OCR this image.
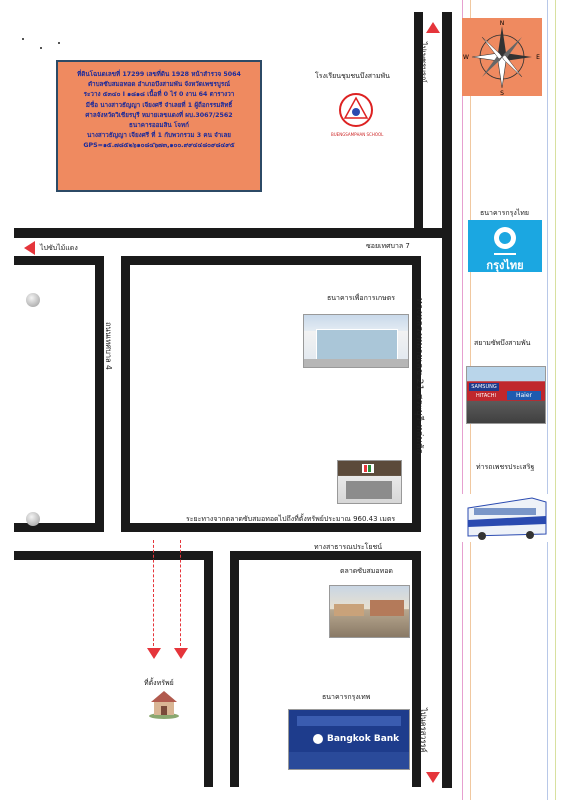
ไปซับไม้แดง	ซอยเทศบาล 7
ไปเพชรบูรณ์
ไปนครสวรรค์
ทางหลวงหมายเลข 21 สระบุรี-หล่มสัก
ถนนเทศบาล 4
ระยะทางจากตลาดซับสมอทอดไปถึงที่ตั้งทรัพย์ประมาณ 960.43 เมตร
ทางสาธารณประโยชน์
ที่ดินโฉนดเลขที่ 17299 เลขที่ดิน 1928 หน้าสำรวจ 5064
ตำบลซับสมอทอด อำเภอบึงสามพัน จังหวัดเพชรบูรณ์
ระวาง ๕๓๔๐ I ๑๘๑๘ เนื้อที่ 0 ไร่ 0 งาน 64 ตารางวา
มีชื่อ นางสาวธัญญา เจียงศรี จำเลยที่ 1 ผู้ถือกรรมสิทธิ์
ศาลจังหวัดวิเชียรบุรี หมายเลขแดงที่ ผบ.3067/2562
ธนาคารออมสิน โจทก์
นางสาวธัญญา เจียงศรี ที่ 1 กับพวกรวม 3 คน จำเลย
GPS=๑๕.๗๘๕๒๖๑๐๘๔๖๗๓,๑๐๐.๙๙๔๔๘๐๙๘๔๙๕
N
S
E
W
โรงเรียนชุมชนบึงสามพัน
BUENGSAMPHAN SCHOOL
ธนาคารกรุงไทย
กรุงไทย
ธนาคารเพื่อการเกษตร
สยามซัพบึงสามพัน
SAMSUNG
HITACHI	Haier
ท่ารถเพชรประเสริฐ
ตลาดซับสมอทอด
ที่ตั้งทรัพย์
ธนาคารกรุงเทพ
Bangkok Bank
